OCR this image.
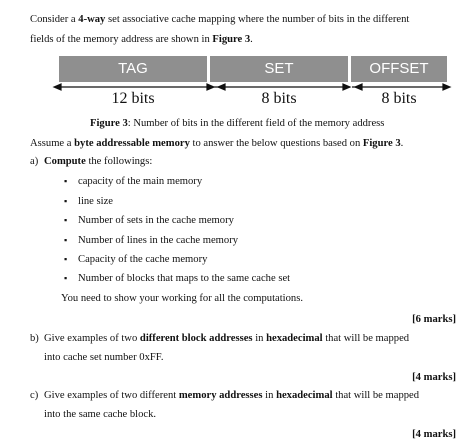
Consider a 4-way set associative cache mapping where the number of bits in the different
fields of the memory address are shown in Figure 3.
TAG	SET	OFFSET
12 bits	8 bits	8 bits
Figure 3: Number of bits in the different field of the memory address
Assume a byte addressable memory to answer the below questions based on Figure 3.
a) Compute the followings:
▪ capacity of the main memory
▪ line size
▪ Number of sets in the cache memory
▪ Number of lines in the cache memory
▪ Capacity of the cache memory
▪ Number of blocks that maps to the same cache set
You need to show your working for all the computations.
[6 marks]
b) Give examples of two different block addresses in hexadecimal that will be mapped
into cache set number 0xFF.
[4 marks]
c) Give examples of two different memory addresses in hexadecimal that will be mapped
into the same cache block.
[4 marks]
